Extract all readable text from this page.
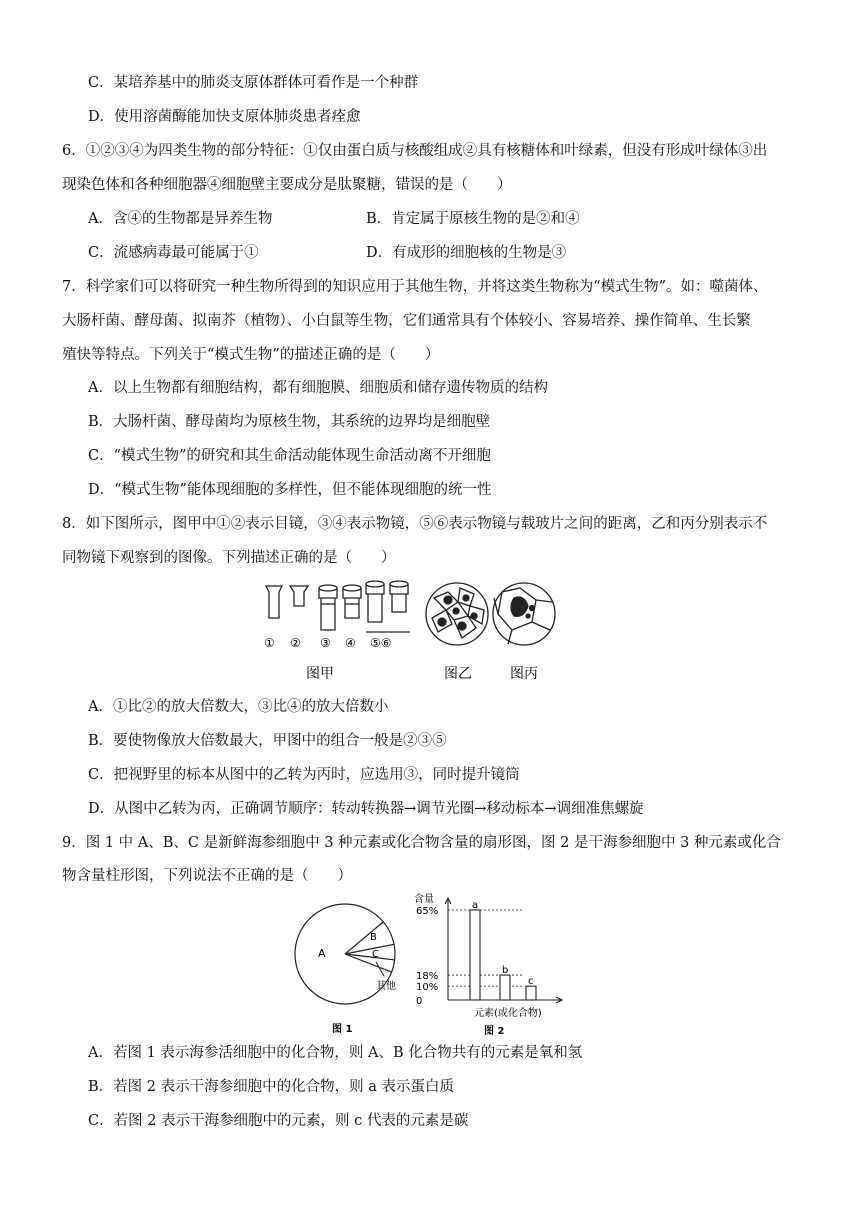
C．某培养基中的肺炎支原体群体可看作是一个种群
D．使用溶菌酶能加快支原体肺炎患者痊愈
6．①②③④为四类生物的部分特征：①仅由蛋白质与核酸组成②具有核糖体和叶绿素，但没有形成叶绿体③出
现染色体和各种细胞器④细胞壁主要成分是肽聚糖，错误的是（　　）
A．含④的生物都是异养生物	B．肯定属于原核生物的是②和④
C．流感病毒最可能属于①	D．有成形的细胞核的生物是③
7．科学家们可以将研究一种生物所得到的知识应用于其他生物，并将这类生物称为“模式生物”。如：噬菌体、
大肠杆菌、酵母菌、拟南芥（植物）、小白鼠等生物，它们通常具有个体较小、容易培养、操作简单、生长繁
殖快等特点。下列关于“模式生物”的描述正确的是（　　）
A．以上生物都有细胞结构，都有细胞膜、细胞质和储存遗传物质的结构
B．大肠杆菌、酵母菌均为原核生物，其系统的边界均是细胞壁
C．“模式生物”的研究和其生命活动能体现生命活动离不开细胞
D．“模式生物”能体现细胞的多样性，但不能体现细胞的统一性
8．如下图所示，图甲中①②表示目镜，③④表示物镜，⑤⑥表示物镜与载玻片之间的距离，乙和丙分别表示不
同物镜下观察到的图像。下列描述正确的是（　　）
① ② ③ ④ ⑤⑥
图甲	图乙	图丙
A．①比②的放大倍数大，③比④的放大倍数小
B．要使物像放大倍数最大，甲图中的组合一般是②③⑤
C．把视野里的标本从图中的乙转为丙时，应选用③，同时提升镜筒
D．从图中乙转为丙，正确调节顺序：转动转换器→调节光圈→移动标本→调细准焦螺旋
9．图 1 中 A、B、C 是新鲜海参细胞中 3 种元素或化合物含量的扇形图，图 2 是干海参细胞中 3 种元素或化合
物含量柱形图，下列说法不正确的是（　　）
A
B
C
其他
图 1
含量
65%
18%
10%
0
a
b
c
元素(或化合物)
图 2
A．若图 1 表示海参活细胞中的化合物，则 A、B 化合物共有的元素是氧和氢
B．若图 2 表示干海参细胞中的化合物，则 a 表示蛋白质
C．若图 2 表示干海参细胞中的元素，则 c 代表的元素是碳
